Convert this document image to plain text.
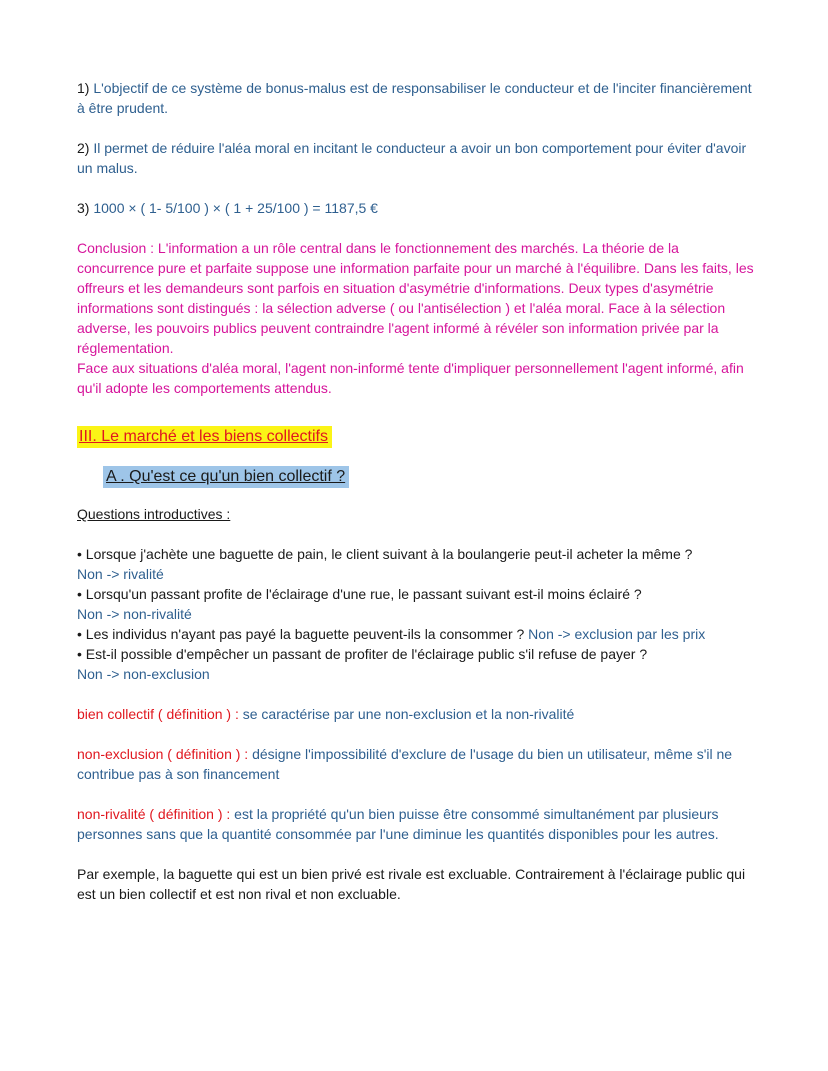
1) L'objectif de ce système de bonus-malus est de responsabiliser le conducteur et de l'inciter financièrement à être prudent.

2) Il permet de réduire l'aléa moral en incitant le conducteur a avoir un bon comportement pour éviter d'avoir un malus.

3) 1000 × ( 1- 5/100 ) × ( 1 + 25/100 ) = 1187,5 €

Conclusion : L'information a un rôle central dans le fonctionnement des marchés. La théorie de la concurrence pure et parfaite suppose une information parfaite pour un marché à l'équilibre. Dans les faits, les offreurs et les demandeurs sont parfois en situation d'asymétrie d'informations. Deux types d'asymétrie informations sont distingués : la sélection adverse ( ou l'antisélection ) et l'aléa moral. Face à la sélection adverse, les pouvoirs publics peuvent contraindre l'agent informé à révéler son information privée par la réglementation.

Face aux situations d'aléa moral, l'agent non-informé tente d'impliquer personnellement l'agent informé, afin qu'il adopte les comportements attendus.

III. Le marché et les biens collectifs
A . Qu'est ce qu'un bien collectif ?

Questions introductives :

• Lorsque j'achète une baguette de pain, le client suivant à la boulangerie peut-il acheter la même ?

Non -> rivalité

• Lorsqu'un passant profite de l'éclairage d'une rue, le passant suivant est-il moins éclairé ?

Non -> non-rivalité

• Les individus n'ayant pas payé la baguette peuvent-ils la consommer ? Non -> exclusion par les prix

• Est-il possible d'empêcher un passant de profiter de l'éclairage public s'il refuse de payer ?

Non -> non-exclusion

bien collectif ( définition ) : se caractérise par une non-exclusion et la non-rivalité

non-exclusion ( définition ) : désigne l'impossibilité d'exclure de l'usage du bien un utilisateur, même s'il ne contribue pas à son financement

non-rivalité ( définition ) : est la propriété qu'un bien puisse être consommé simultanément par plusieurs personnes sans que la quantité consommée par l'une diminue les quantités disponibles pour les autres.

Par exemple, la baguette qui est un bien privé est rivale est excluable. Contrairement à l'éclairage public qui est un bien collectif et est non rival et non excluable.
